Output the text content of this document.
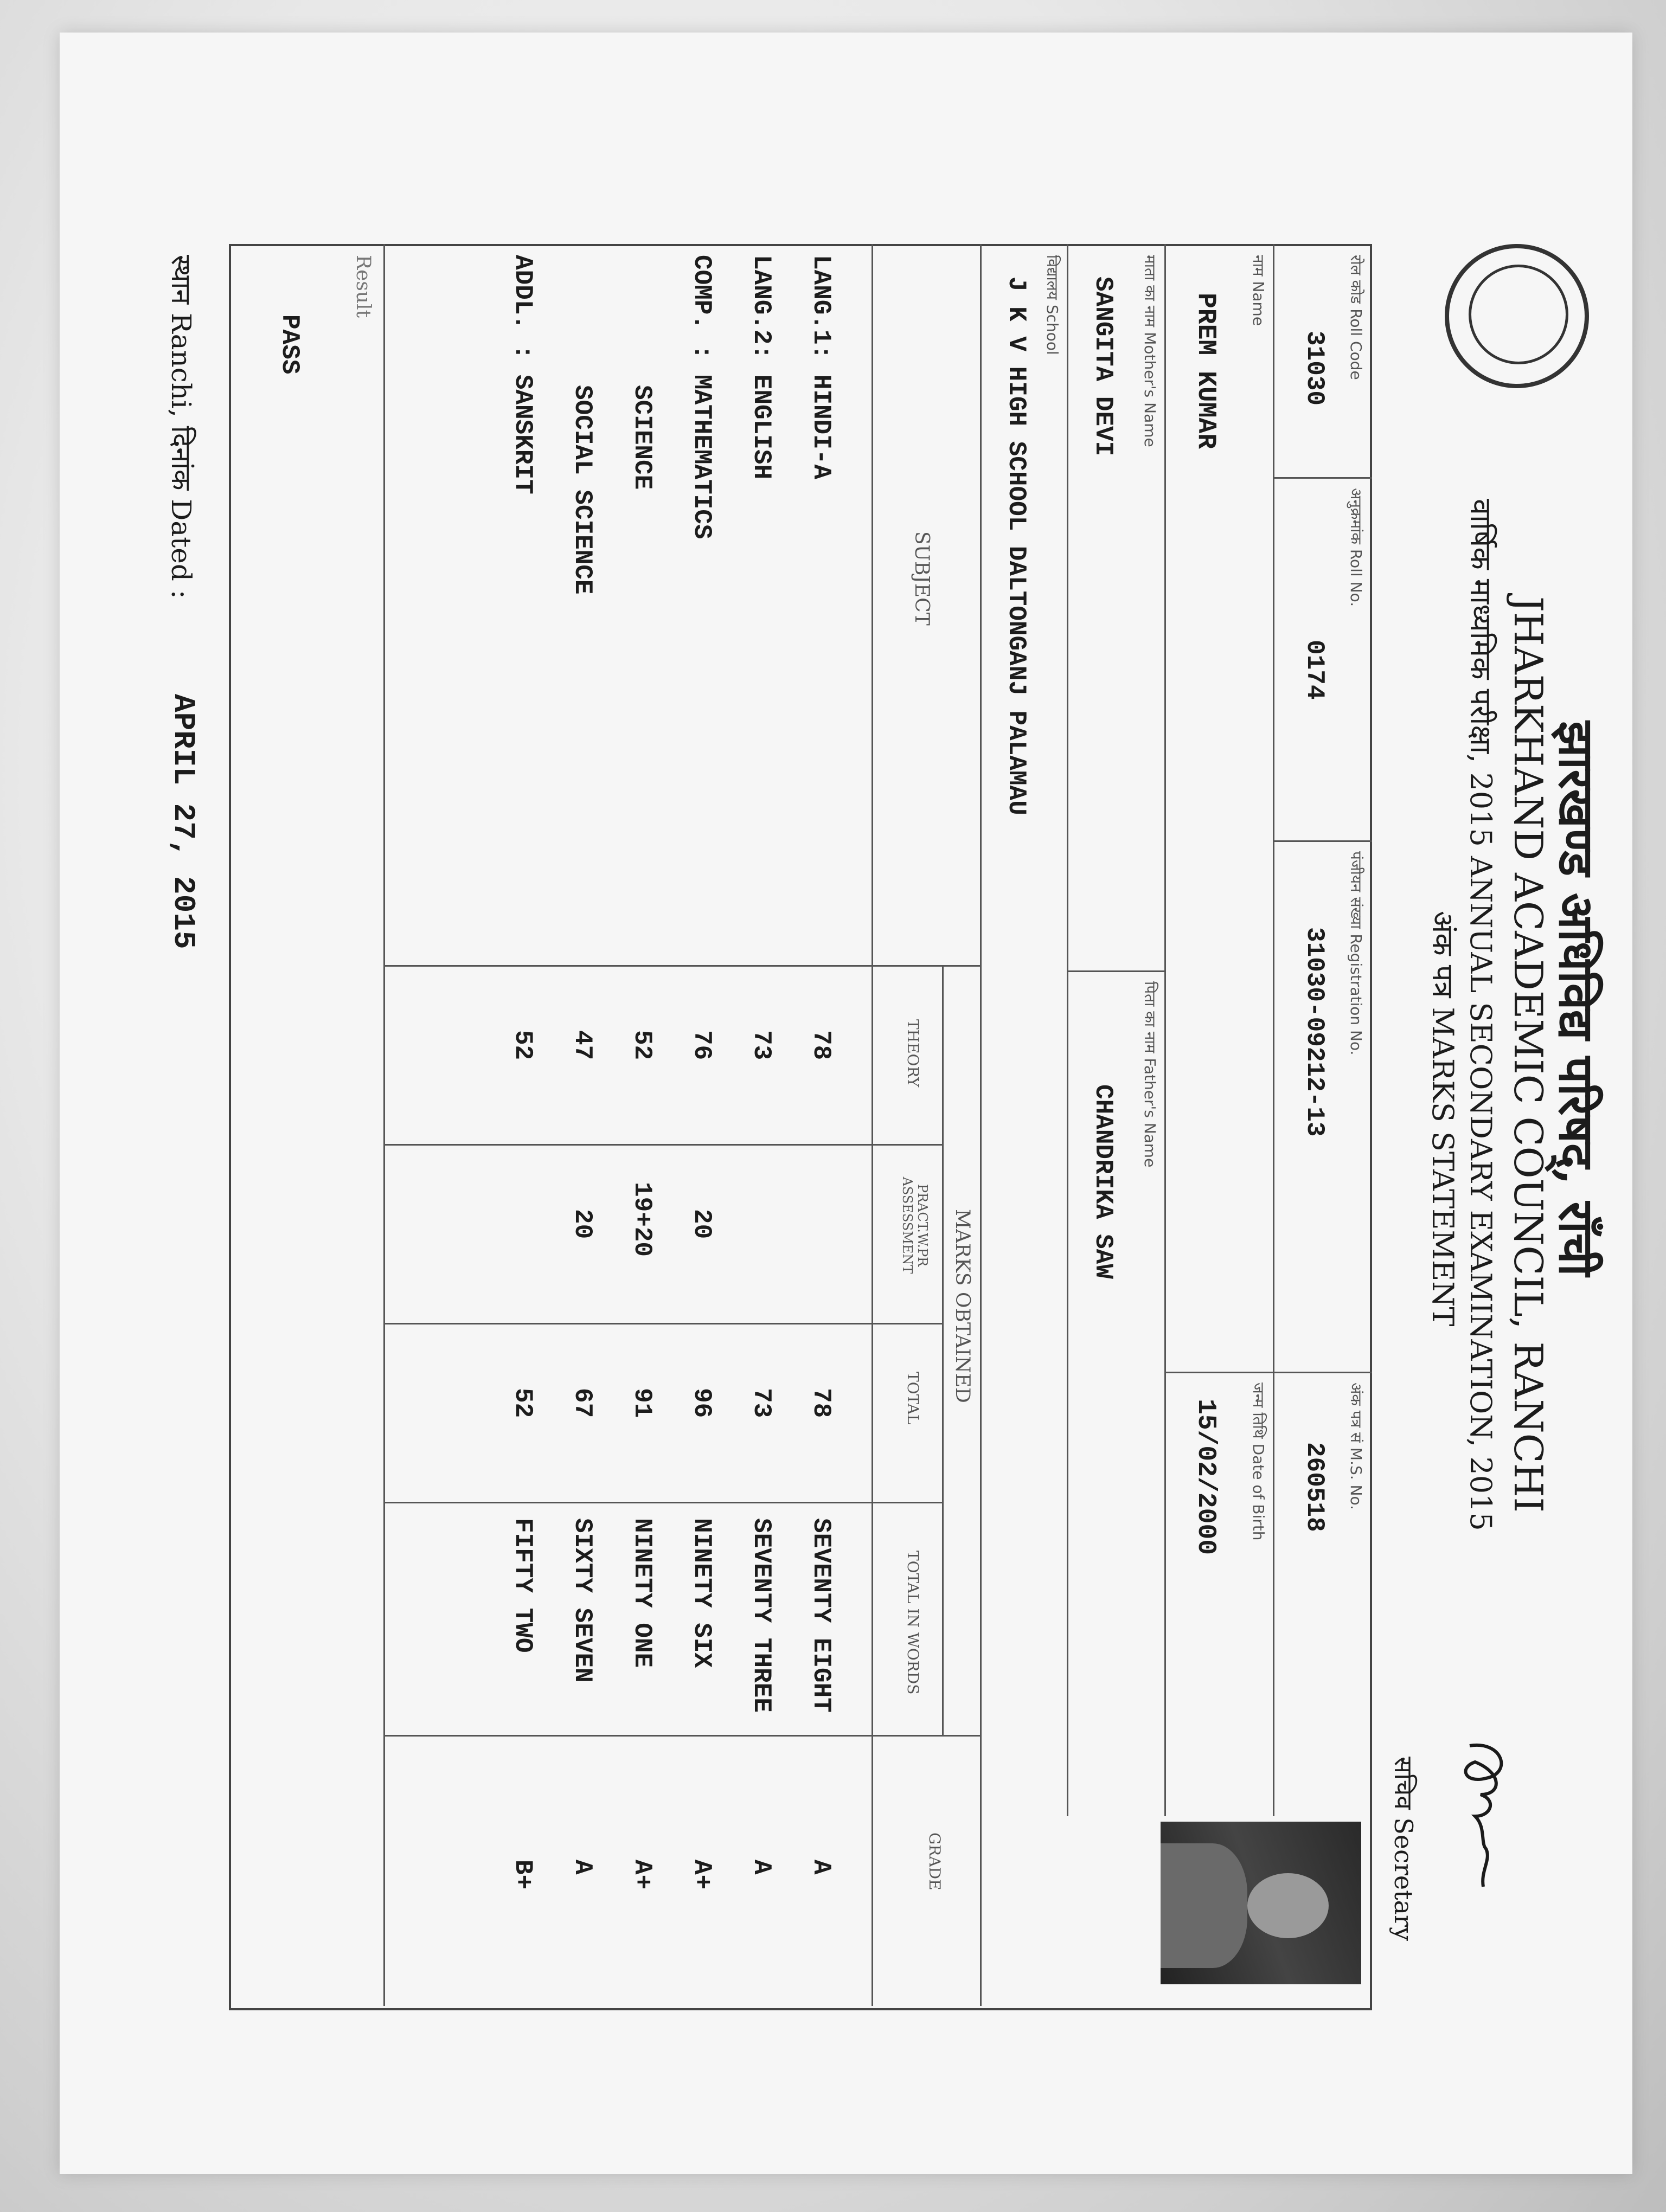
झारखण्ड अधिविद्य परिषद्, राँची
JHARKHAND ACADEMIC COUNCIL, RANCHI
वार्षिक माध्यमिक परीक्षा, 2015 ANNUAL SECONDARY EXAMINATION, 2015
अंक पत्र MARKS STATEMENT
रोल कोड Roll Code
31030
अनुक्रमांक Roll No.
0174
पंजीयन संख्या Registration No.
31030-09212-13
अंक पत्र सं M.S. No.
260518
नाम Name
PREM KUMAR
जन्म तिथि Date of Birth
15/02/2000
माता का नाम Mother's Name
SANGITA DEVI
पिता का नाम Father's Name
CHANDRIKA SAW
विद्यालय School
J K V HIGH SCHOOL DALTONGANJ PALAMAU
SUBJECT
MARKS OBTAINED
THEORY
PRACT.W.PR ASSESSMENT
TOTAL
TOTAL IN WORDS
GRADE
LANG.1: HINDI-A
78
78
SEVENTY EIGHT
A
LANG.2: ENGLISH
73
73
SEVENTY THREE
A
COMP. : MATHEMATICS
76
20
96
NINETY SIX
A+
SCIENCE
52
19+20
91
NINETY ONE
A+
SOCIAL SCIENCE
47
20
67
SIXTY SEVEN
A
ADDL. : SANSKRIT
52
52
FIFTY TWO
B+
Result
PASS
स्थान Ranchi, दिनांक Dated :
APRIL 27, 2015
सचिव Secretary
